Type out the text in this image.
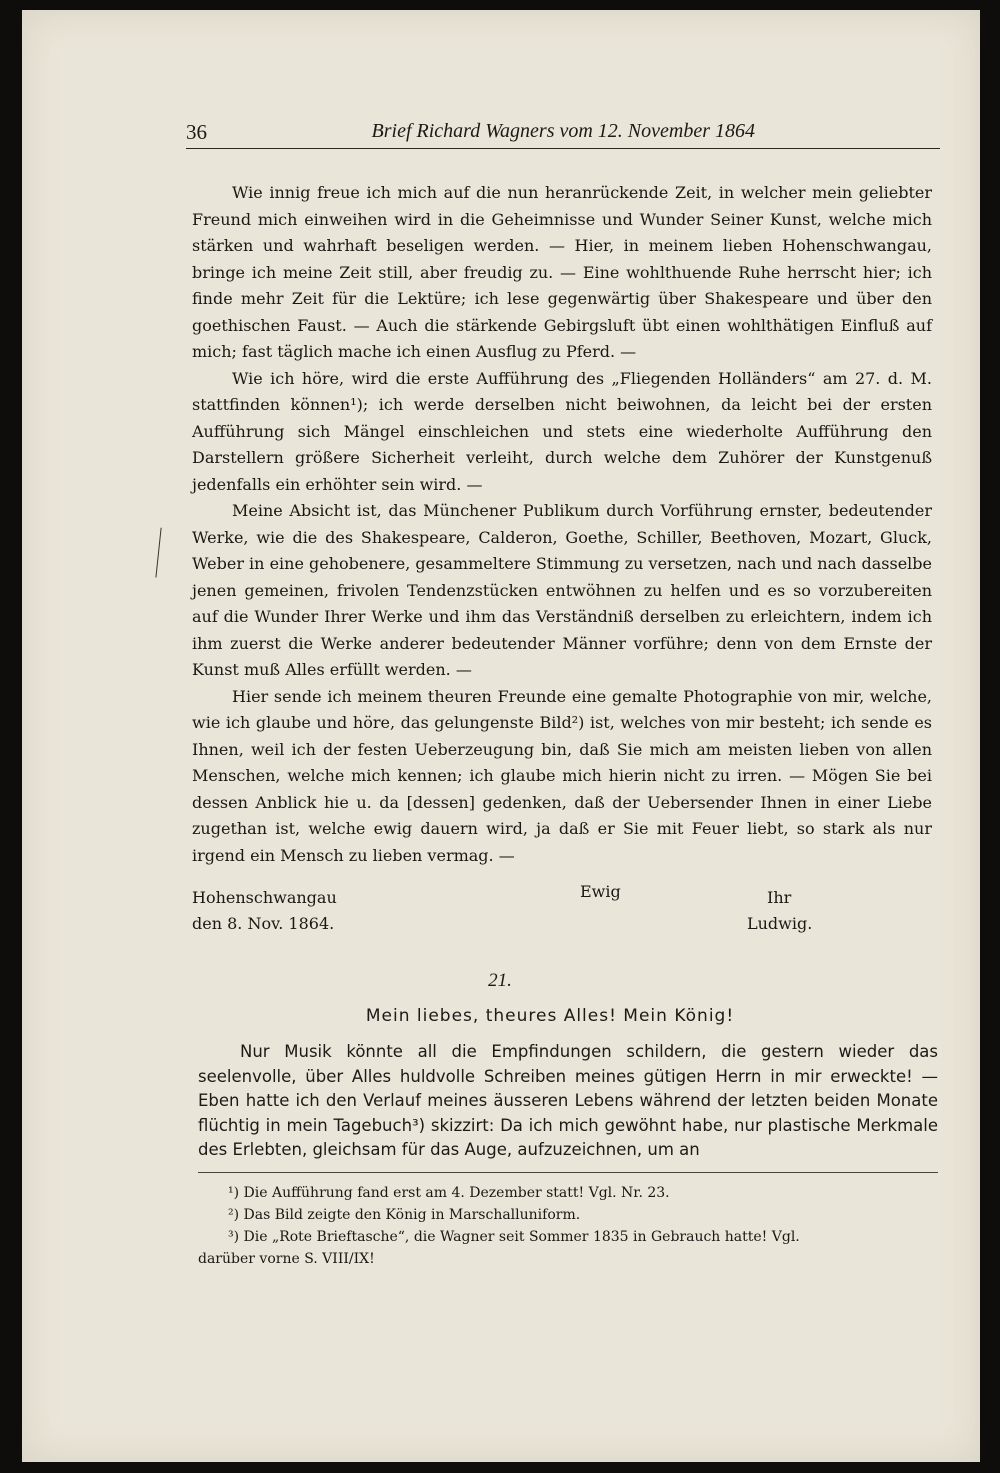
36	Brief Richard Wagners vom 12. November 1864

Wie innig freue ich mich auf die nun heranrückende Zeit, in welcher mein geliebter Freund mich einweihen wird in die Geheimnisse und Wunder Seiner Kunst, welche mich stärken und wahrhaft beseligen werden. — Hier, in meinem lieben Hohenschwangau, bringe ich meine Zeit still, aber freudig zu. — Eine wohlthuende Ruhe herrscht hier; ich finde mehr Zeit für die Lektüre; ich lese gegenwärtig über Shakespeare und über den goethischen Faust. — Auch die stärkende Gebirgsluft übt einen wohlthätigen Einfluß auf mich; fast täglich mache ich einen Ausflug zu Pferd. —

Wie ich höre, wird die erste Aufführung des „Fliegenden Holländers“ am 27. d. M. stattfinden können¹); ich werde derselben nicht beiwohnen, da leicht bei der ersten Aufführung sich Mängel einschleichen und stets eine wiederholte Aufführung den Darstellern größere Sicherheit verleiht, durch welche dem Zuhörer der Kunstgenuß jedenfalls ein erhöhter sein wird. —

Meine Absicht ist, das Münchener Publikum durch Vorführung ernster, bedeutender Werke, wie die des Shakespeare, Calderon, Goethe, Schiller, Beethoven, Mozart, Gluck, Weber in eine gehobenere, gesammeltere Stimmung zu versetzen, nach und nach dasselbe jenen gemeinen, frivolen Tendenzstücken entwöhnen zu helfen und es so vorzubereiten auf die Wunder Ihrer Werke und ihm das Verständniß derselben zu erleichtern, indem ich ihm zuerst die Werke anderer bedeutender Männer vorführe; denn von dem Ernste der Kunst muß Alles erfüllt werden. —

Hier sende ich meinem theuren Freunde eine gemalte Photographie von mir, welche, wie ich glaube und höre, das gelungenste Bild²) ist, welches von mir besteht; ich sende es Ihnen, weil ich der festen Ueberzeugung bin, daß Sie mich am meisten lieben von allen Menschen, welche mich kennen; ich glaube mich hierin nicht zu irren. — Mögen Sie bei dessen Anblick hie u. da [dessen] gedenken, daß der Uebersender Ihnen in einer Liebe zugethan ist, welche ewig dauern wird, ja daß er Sie mit Feuer liebt, so stark als nur irgend ein Mensch zu lieben vermag. —

Hohenschwangau
den 8. Nov. 1864.
Ewig	Ihr
Ludwig.
21.
Mein liebes, theures Alles! Mein König!

Nur Musik könnte all die Empfindungen schildern, die gestern wieder das seelenvolle, über Alles huldvolle Schreiben meines gütigen Herrn in mir erweckte! — Eben hatte ich den Verlauf meines äusseren Lebens während der letzten beiden Monate flüchtig in mein Tagebuch³) skizzirt: Da ich mich gewöhnt habe, nur plastische Merkmale des Erlebten, gleichsam für das Auge, aufzuzeichnen, um an

¹) Die Aufführung fand erst am 4. Dezember statt! Vgl. Nr. 23.

²) Das Bild zeigte den König in Marschalluniform.

³) Die „Rote Brieftasche“, die Wagner seit Sommer 1835 in Gebrauch hatte! Vgl.

darüber vorne S. VIII/IX!
